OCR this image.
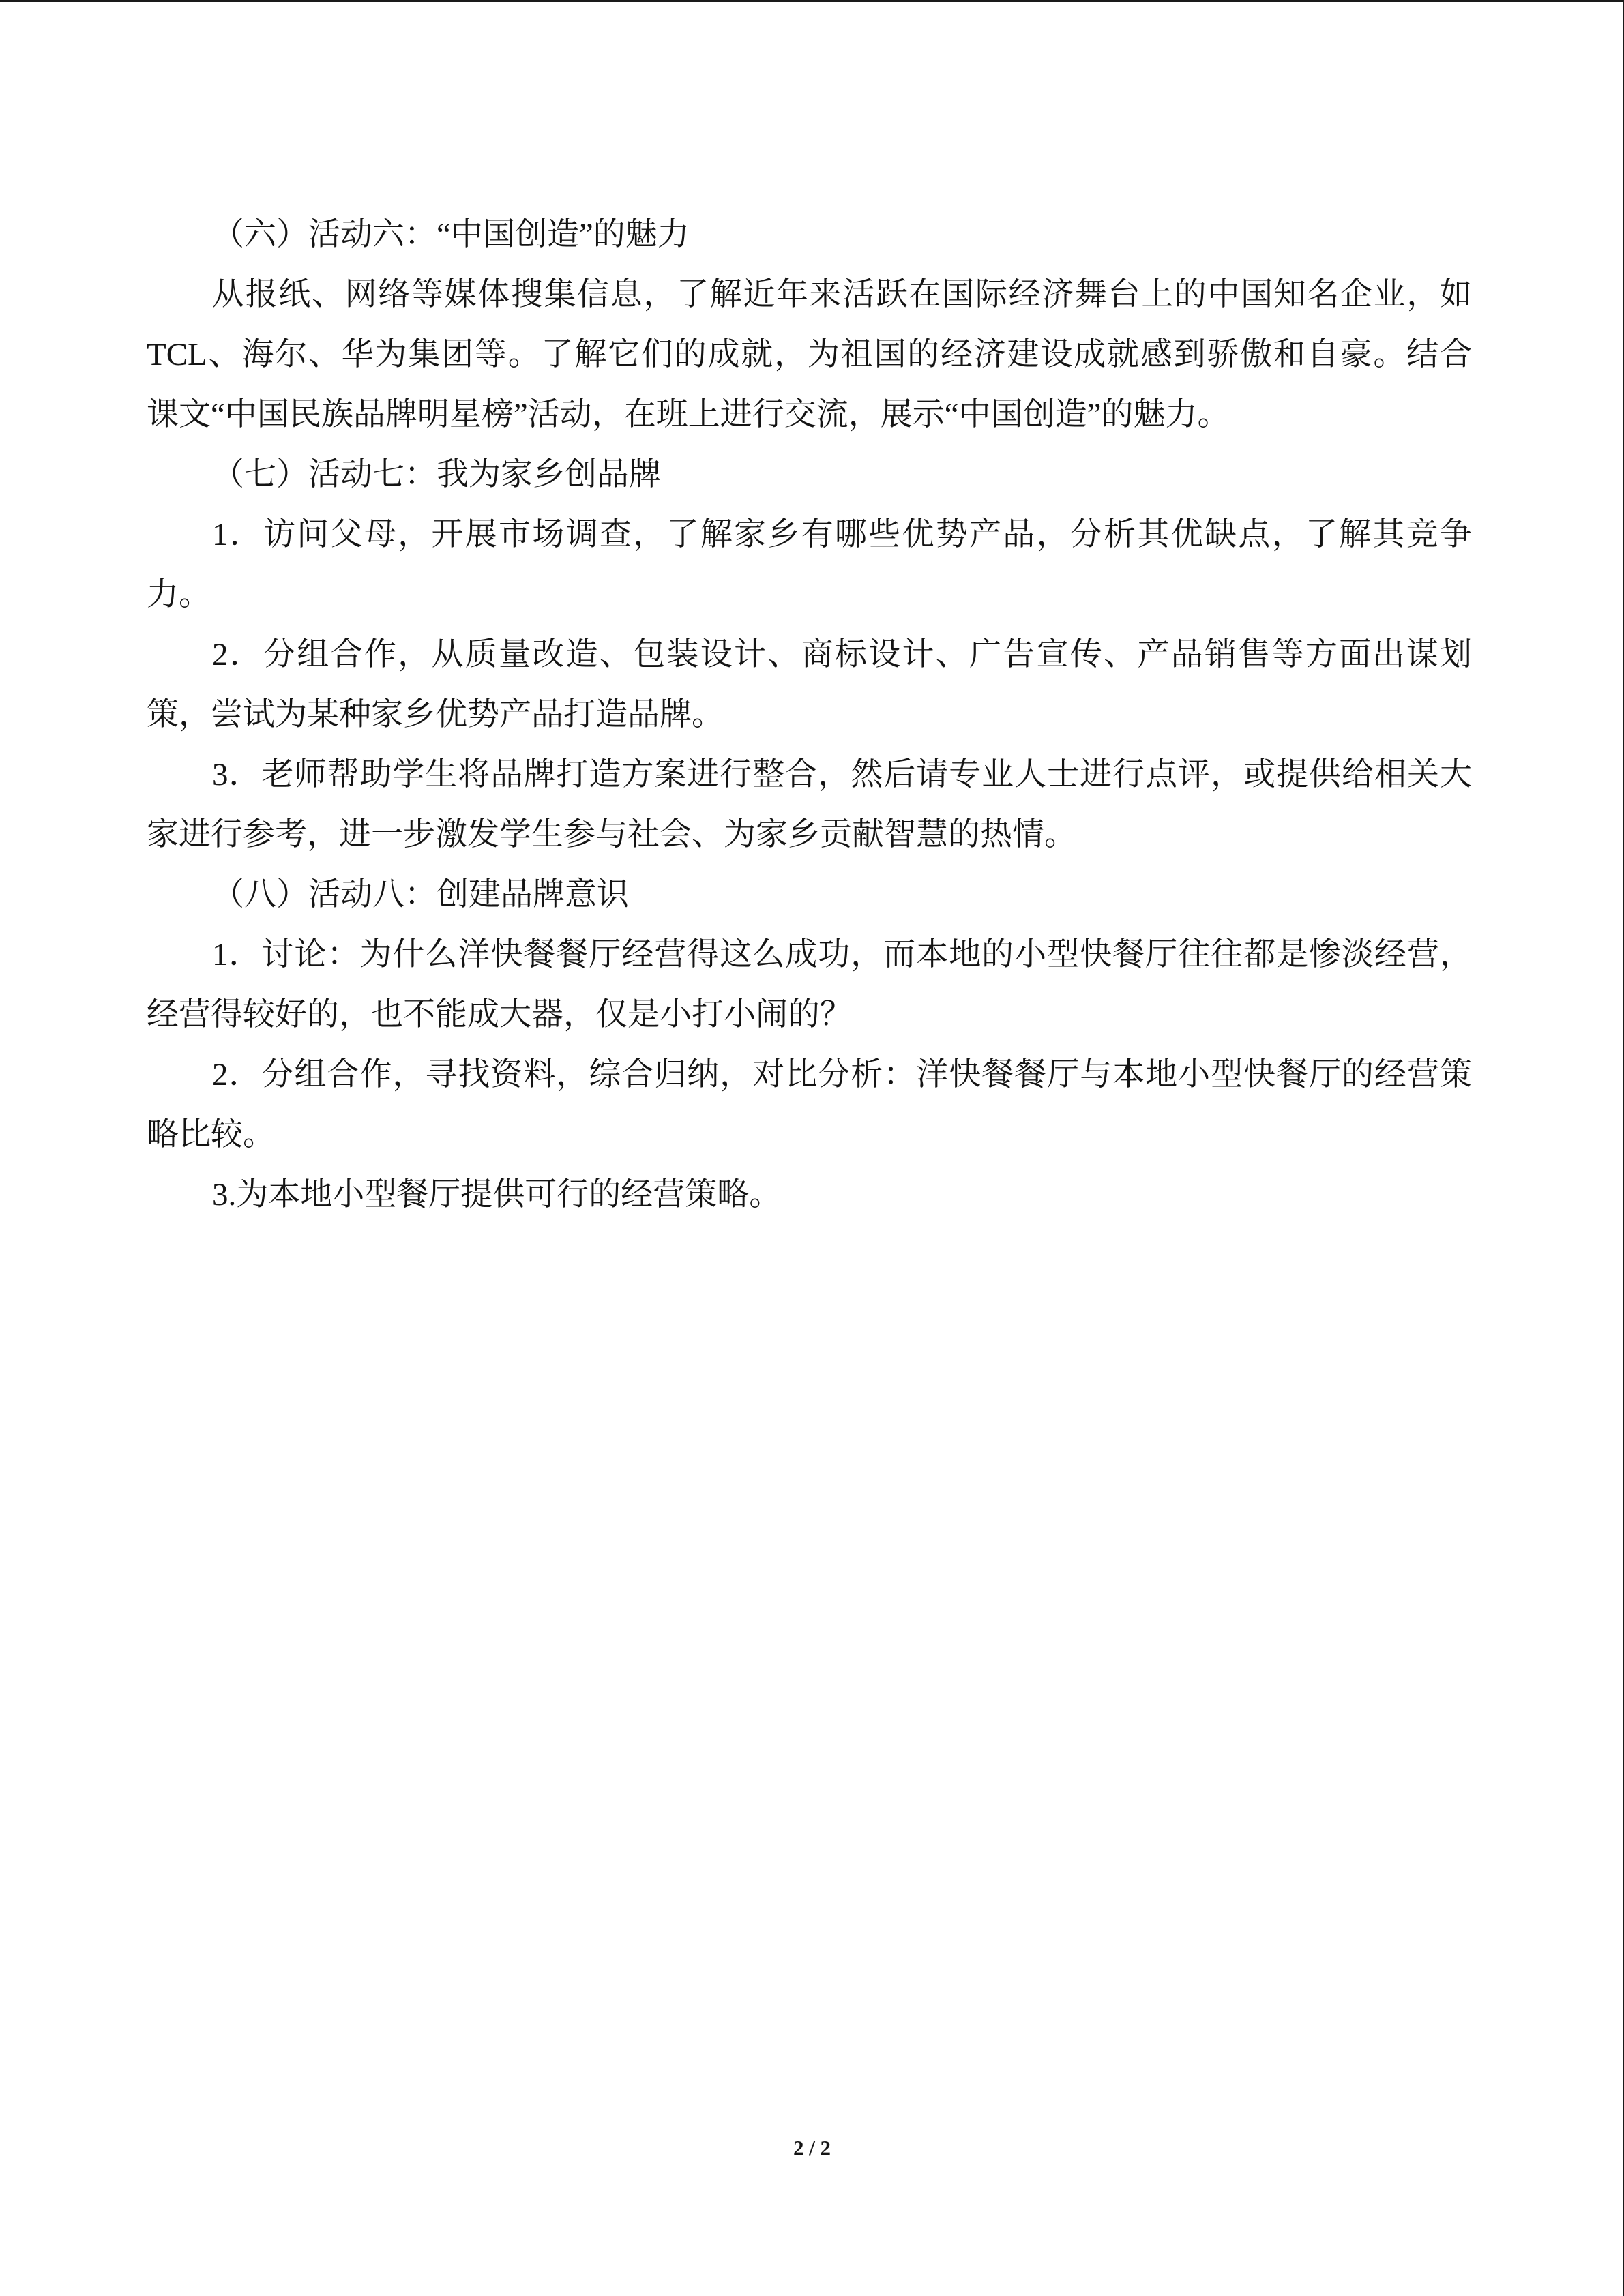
（六）活动六：“中国创造”的魅力
从报纸、网络等媒体搜集信息，了解近年来活跃在国际经济舞台上的中国知名企业，如
TCL、海尔、华为集团等。了解它们的成就，为祖国的经济建设成就感到骄傲和自豪。结合
课文“中国民族品牌明星榜”活动，在班上进行交流，展示“中国创造”的魅力。
（七）活动七：我为家乡创品牌
1．访问父母，开展市场调查，了解家乡有哪些优势产品，分析其优缺点，了解其竞争
力。
2．分组合作，从质量改造、包装设计、商标设计、广告宣传、产品销售等方面出谋划
策，尝试为某种家乡优势产品打造品牌。
3．老师帮助学生将品牌打造方案进行整合，然后请专业人士进行点评，或提供给相关大
家进行参考，进一步激发学生参与社会、为家乡贡献智慧的热情。
（八）活动八：创建品牌意识
1．讨论：为什么洋快餐餐厅经营得这么成功，而本地的小型快餐厅往往都是惨淡经营，
经营得较好的，也不能成大器，仅是小打小闹的？
2．分组合作，寻找资料，综合归纳，对比分析：洋快餐餐厅与本地小型快餐厅的经营策
略比较。
3.为本地小型餐厅提供可行的经营策略。
2 / 2
